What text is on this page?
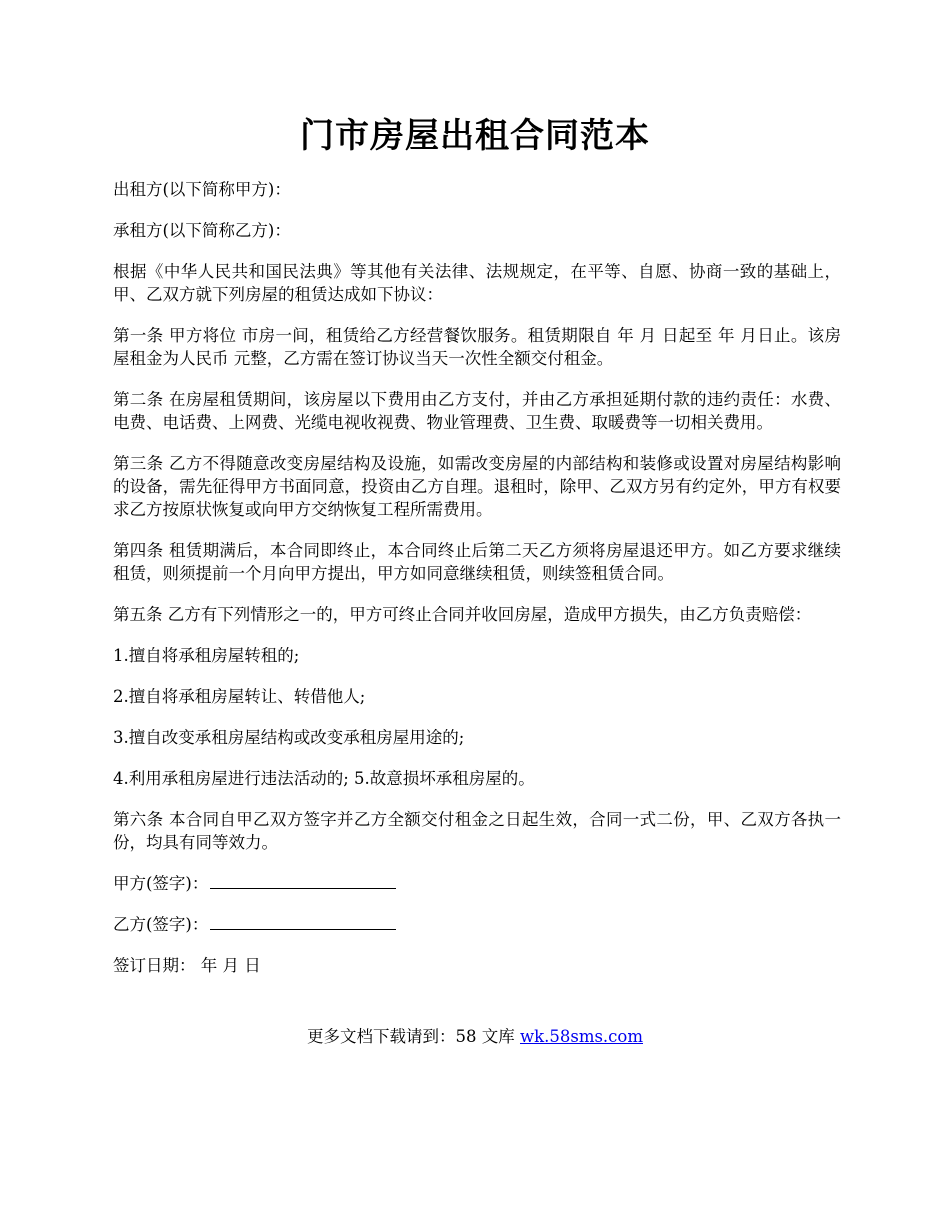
门市房屋出租合同范本

出租方(以下简称甲方)：

承租方(以下简称乙方)：

根据《中华人民共和国民法典》等其他有关法律、法规规定，在平等、自愿、协商一致的基础上，甲、乙双方就下列房屋的租赁达成如下协议：

第一条 甲方将位 市房一间，租赁给乙方经营餐饮服务。租赁期限自 年 月 日起至 年 月日止。该房屋租金为人民币 元整，乙方需在签订协议当天一次性全额交付租金。

第二条 在房屋租赁期间，该房屋以下费用由乙方支付，并由乙方承担延期付款的违约责任：水费、电费、电话费、上网费、光缆电视收视费、物业管理费、卫生费、取暖费等一切相关费用。

第三条 乙方不得随意改变房屋结构及设施，如需改变房屋的内部结构和装修或设置对房屋结构影响的设备，需先征得甲方书面同意，投资由乙方自理。退租时，除甲、乙双方另有约定外，甲方有权要求乙方按原状恢复或向甲方交纳恢复工程所需费用。

第四条 租赁期满后，本合同即终止，本合同终止后第二天乙方须将房屋退还甲方。如乙方要求继续租赁，则须提前一个月向甲方提出，甲方如同意继续租赁，则续签租赁合同。

第五条 乙方有下列情形之一的，甲方可终止合同并收回房屋，造成甲方损失，由乙方负责赔偿：

1.擅自将承租房屋转租的;

2.擅自将承租房屋转让、转借他人;

3.擅自改变承租房屋结构或改变承租房屋用途的;

4.利用承租房屋进行违法活动的; 5.故意损坏承租房屋的。

第六条 本合同自甲乙双方签字并乙方全额交付租金之日起生效，合同一式二份，甲、乙双方各执一份，均具有同等效力。

甲方(签字)：

乙方(签字)：

签订日期： 年 月 日

更多文档下载请到：58 文库 wk.58sms.com
